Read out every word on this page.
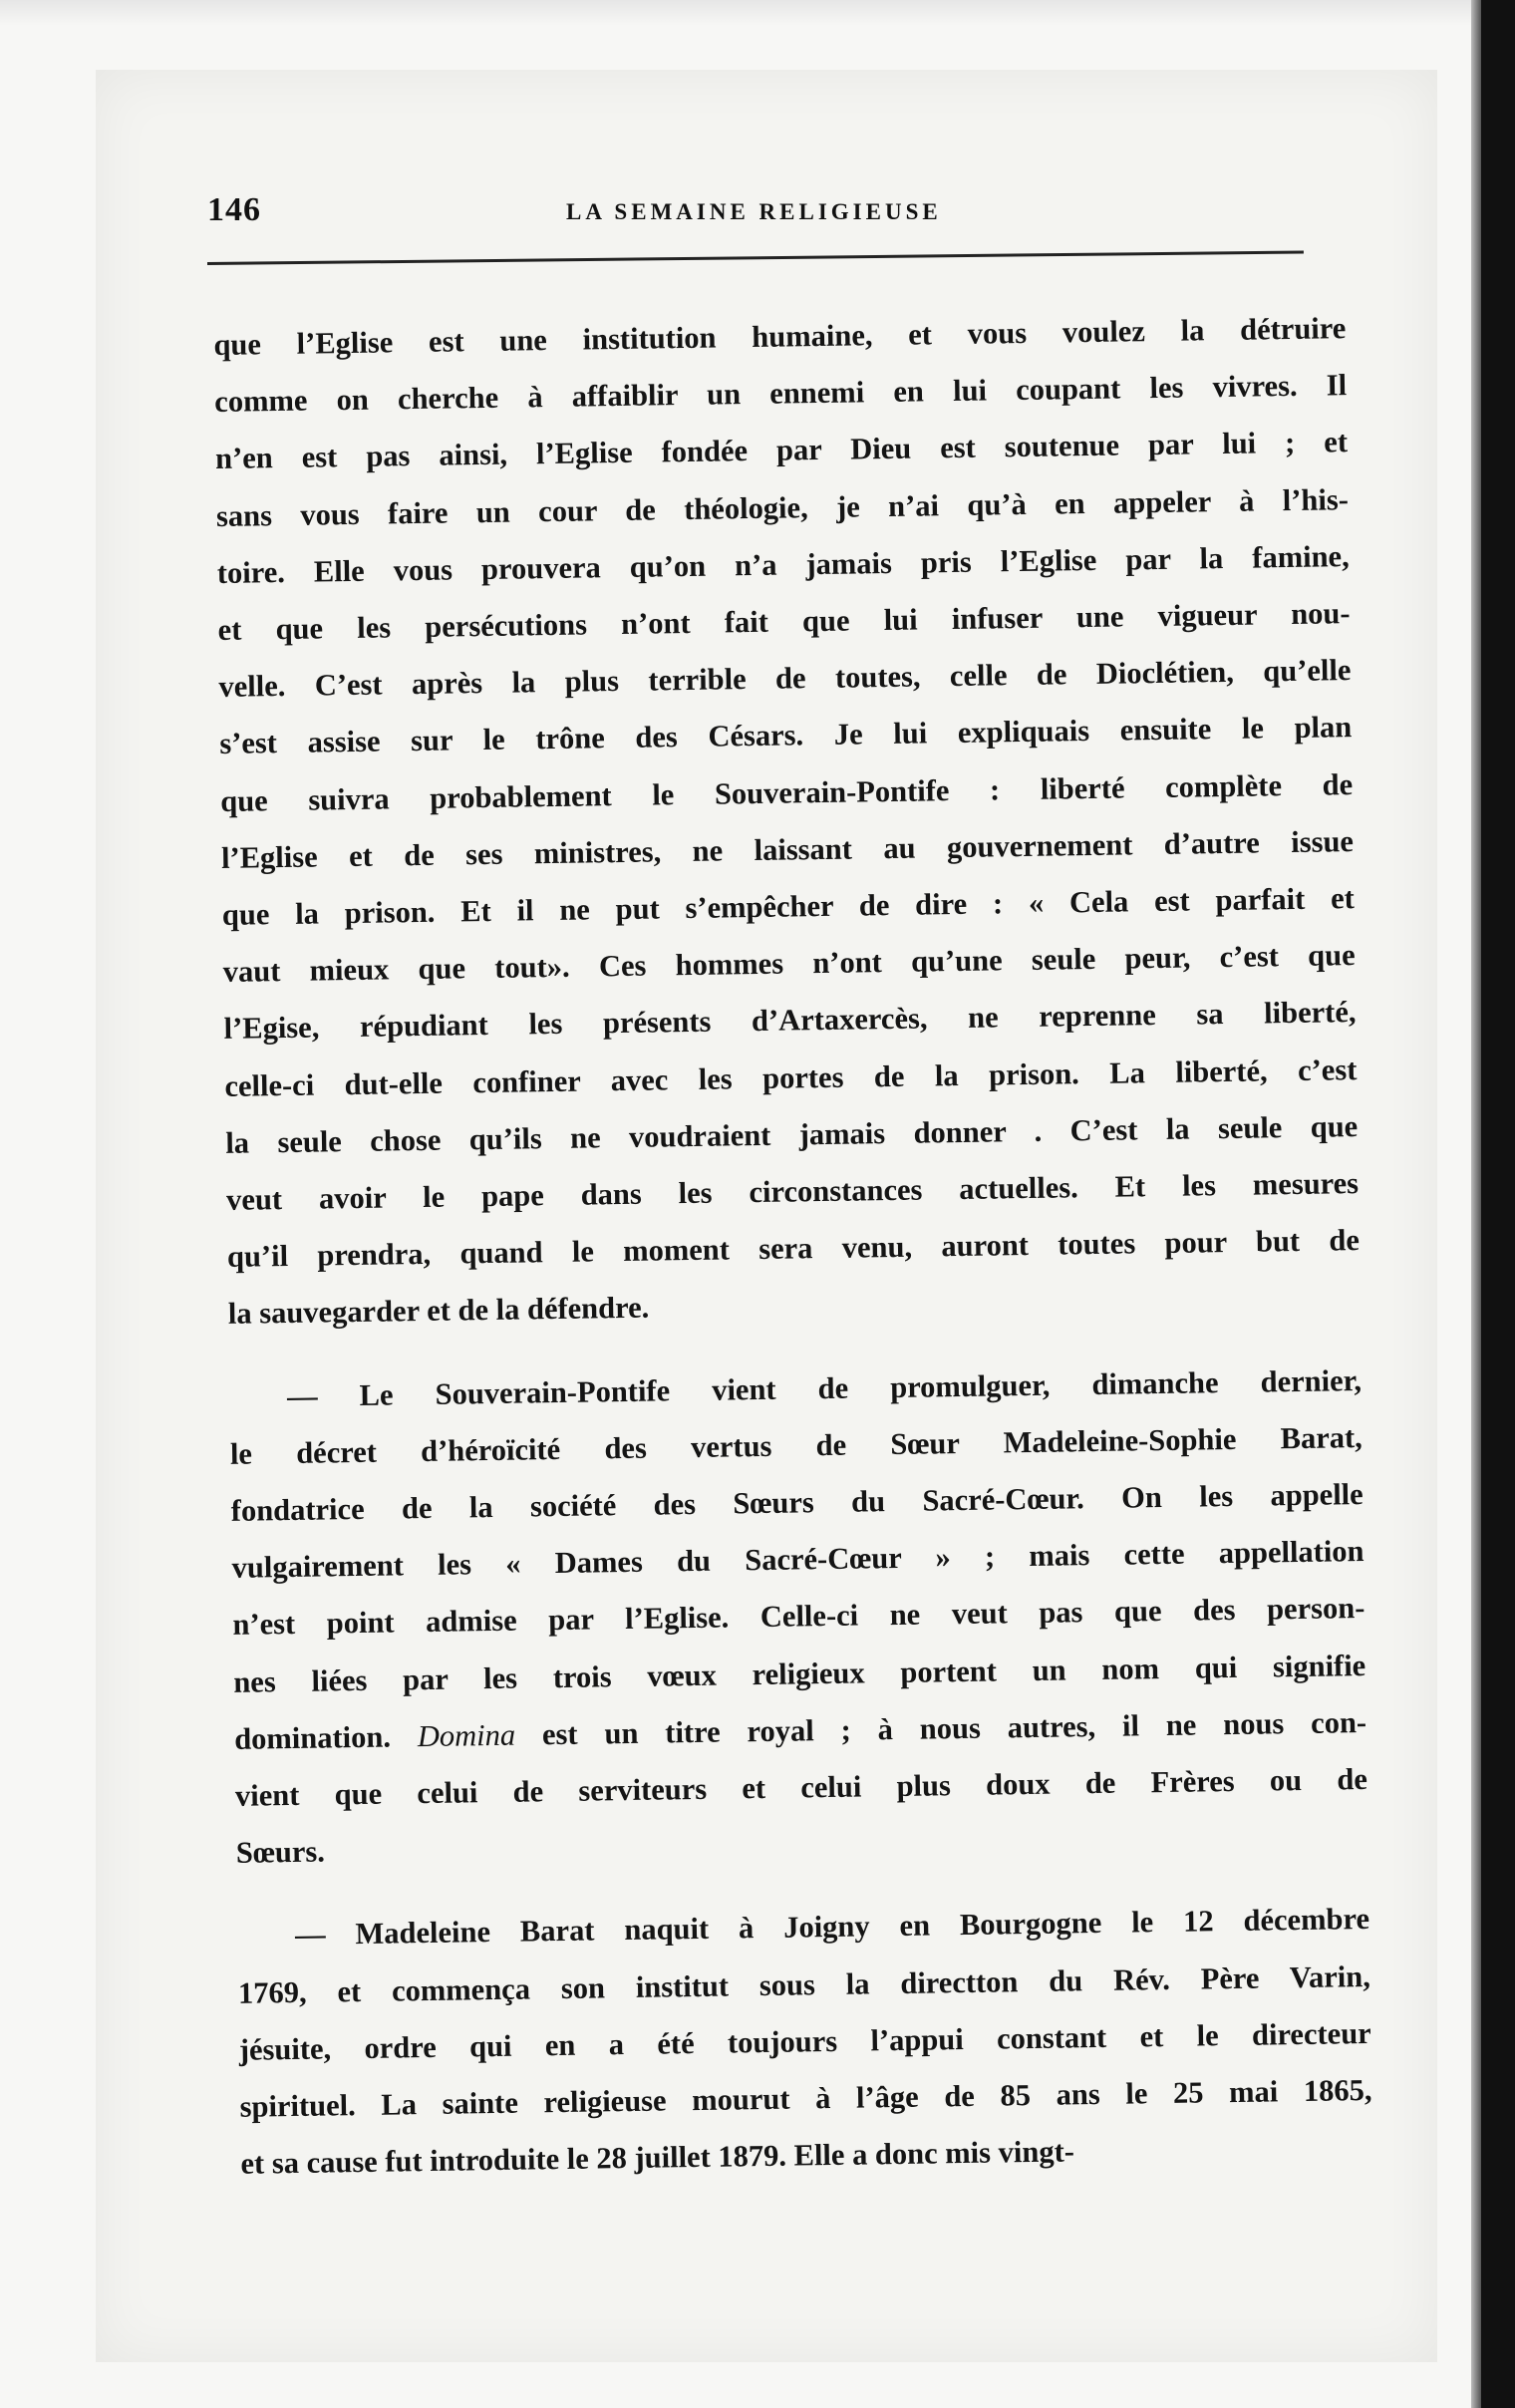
146	LA SEMAINE RELIGIEUSE
que l’Eglise est une institution humaine, et vous voulez la détruire
comme on cherche à affaiblir un ennemi en lui coupant les vivres. Il
n’en est pas ainsi, l’Eglise fondée par Dieu est soutenue par lui ; et
sans vous faire un cour de théologie, je n’ai qu’à en appeler à l’his-
toire. Elle vous prouvera qu’on n’a jamais pris l’Eglise par la famine,
et que les persécutions n’ont fait que lui infuser une vigueur nou-
velle. C’est après la plus terrible de toutes, celle de Dioclétien, qu’elle
s’est assise sur le trône des Césars. Je lui expliquais ensuite le plan
que suivra probablement le Souverain-Pontife : liberté complète de
l’Eglise et de ses ministres, ne laissant au gouvernement d’autre issue
que la prison. Et il ne put s’empêcher de dire : « Cela est parfait et
vaut mieux que tout». Ces hommes n’ont qu’une seule peur, c’est que
l’Egise, répudiant les présents d’Artaxercès, ne reprenne sa liberté,
celle-ci dut-elle confiner avec les portes de la prison. La liberté, c’est
la seule chose qu’ils ne voudraient jamais donner . C’est la seule que
veut avoir le pape dans les circonstances actuelles. Et les mesures
qu’il prendra, quand le moment sera venu, auront toutes pour but de
la sauvegarder et de la défendre.
— Le Souverain-Pontife vient de promulguer, dimanche dernier,
le décret d’héroïcité des vertus de Sœur Madeleine-Sophie Barat,
fondatrice de la société des Sœurs du Sacré-Cœur. On les appelle
vulgairement les « Dames du Sacré-Cœur » ; mais cette appellation
n’est point admise par l’Eglise. Celle-ci ne veut pas que des person-
nes liées par les trois vœux religieux portent un nom qui signifie
domination. Domina est un titre royal ; à nous autres, il ne nous con-
vient que celui de serviteurs et celui plus doux de Frères ou de
Sœurs.
— Madeleine Barat naquit à Joigny en Bourgogne le 12 décembre
1769, et commença son institut sous la directton du Rév. Père Varin,
jésuite, ordre qui en a été toujours l’appui constant et le directeur
spirituel. La sainte religieuse mourut à l’âge de 85 ans le 25 mai 1865,
et sa cause fut introduite le 28 juillet 1879. Elle a donc mis vingt-
